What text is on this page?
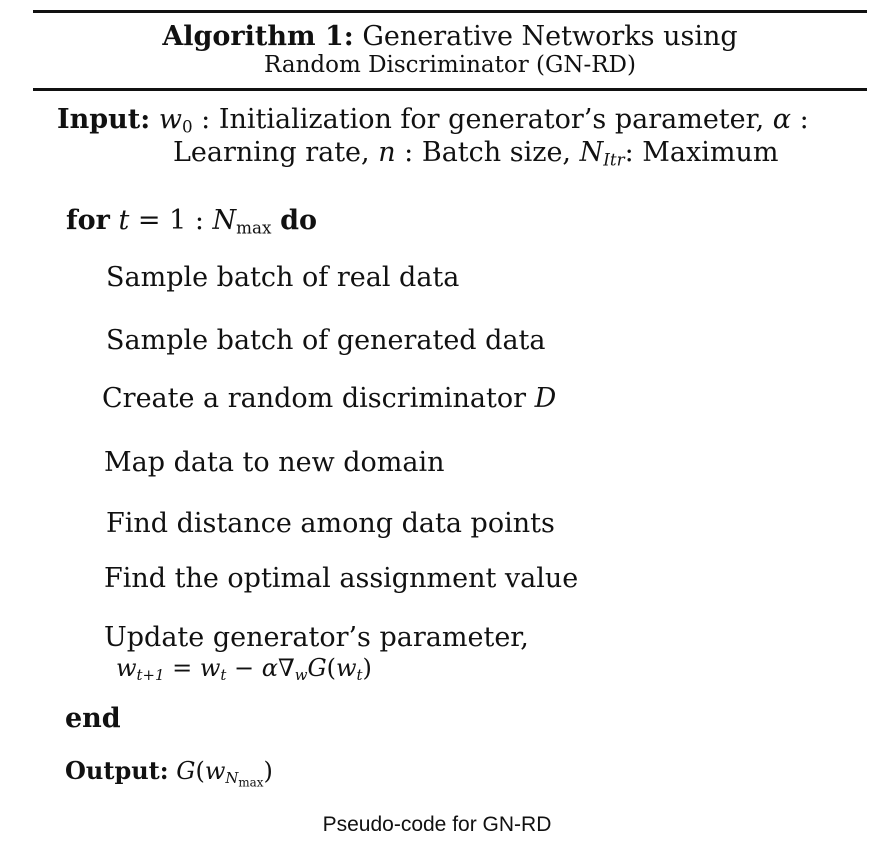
Algorithm 1: Generative Networks using
Random Discriminator (GN-RD)
Input: $w_0$ : Initialization for generator’s parameter, α :
Learning rate, n : Batch size, $N_{Itr}$: Maximum
for t = 1 : $N_{max}$ do
Sample batch of real data
Sample batch of generated data
Create a random discriminator D
Map data to new domain
Find distance among data points
Find the optimal assignment value
Update generator’s parameter,
$w_{t+1} = w_t - \alpha\nabla_wG(w_t)$
end
Output: $G(w_{N_{max}})$
Pseudo-code for GN-RD
